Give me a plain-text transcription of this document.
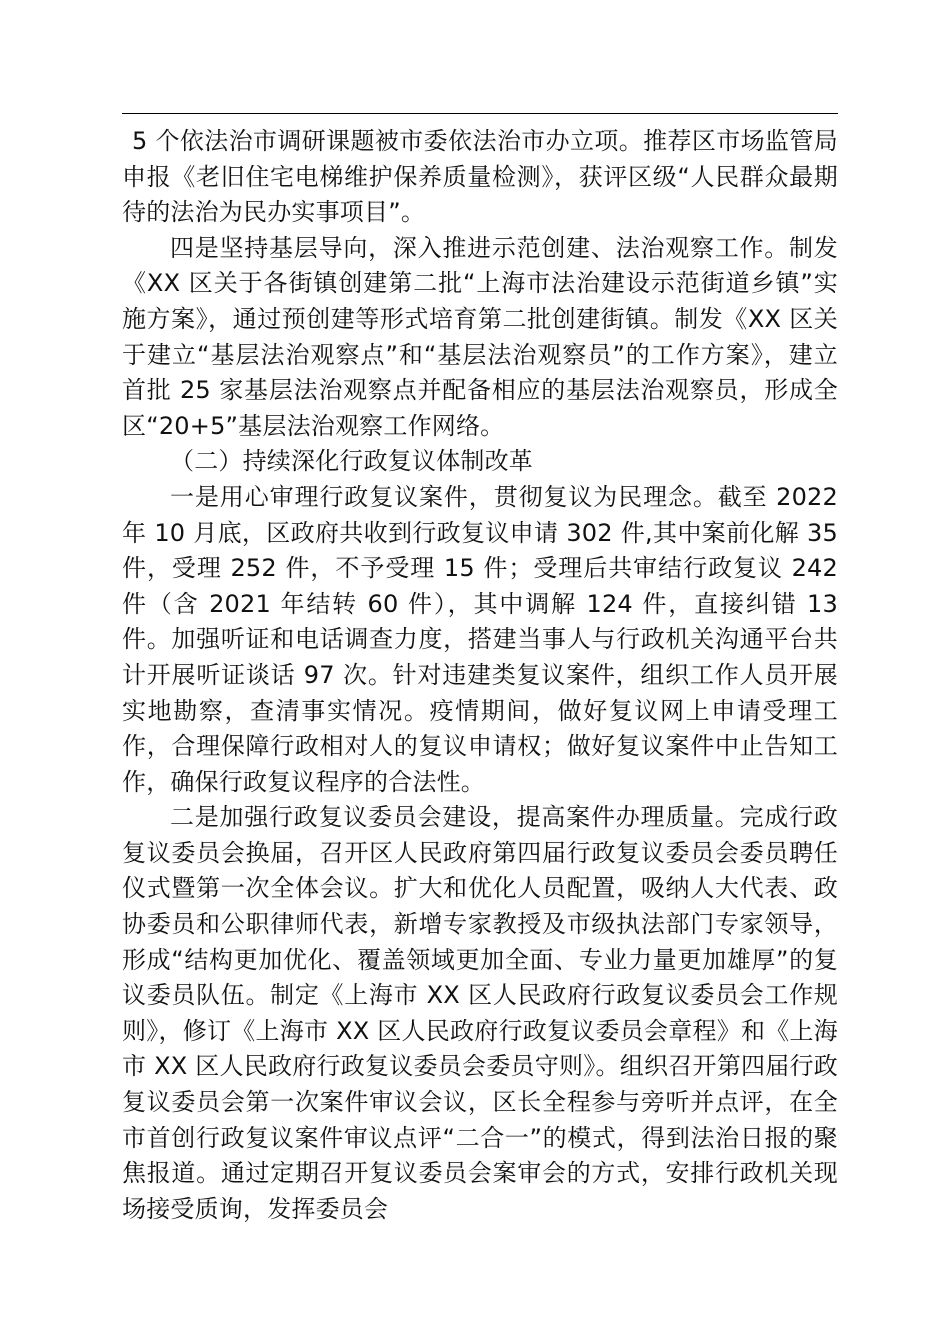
5 个依法治市调研课题被市委依法治市办立项。推荐区市场监管局申报《老旧住宅电梯维护保养质量检测》，获评区级“人民群众最期待的法治为民办实事项目”。

四是坚持基层导向，深入推进示范创建、法治观察工作。制发《XX 区关于各街镇创建第二批“上海市法治建设示范街道乡镇”实施方案》，通过预创建等形式培育第二批创建街镇。制发《XX 区关于建立“基层法治观察点”和“基层法治观察员”的工作方案》，建立首批 25 家基层法治观察点并配备相应的基层法治观察员，形成全区“20+5”基层法治观察工作网络。

（二）持续深化行政复议体制改革

一是用心审理行政复议案件，贯彻复议为民理念。截至 2022 年 10 月底，区政府共收到行政复议申请 302 件,其中案前化解 35 件，受理 252 件，不予受理 15 件；受理后共审结行政复议 242 件（含 2021 年结转 60 件），其中调解 124 件，直接纠错 13 件。加强听证和电话调查力度，搭建当事人与行政机关沟通平台共计开展听证谈话 97 次。针对违建类复议案件，组织工作人员开展实地勘察，查清事实情况。疫情期间，做好复议网上申请受理工作，合理保障行政相对人的复议申请权；做好复议案件中止告知工作，确保行政复议程序的合法性。

二是加强行政复议委员会建设，提高案件办理质量。完成行政复议委员会换届，召开区人民政府第四届行政复议委员会委员聘任仪式暨第一次全体会议。扩大和优化人员配置，吸纳人大代表、政协委员和公职律师代表，新增专家教授及市级执法部门专家领导，形成“结构更加优化、覆盖领域更加全面、专业力量更加雄厚”的复议委员队伍。制定《上海市 XX 区人民政府行政复议委员会工作规则》，修订《上海市 XX 区人民政府行政复议委员会章程》和《上海市 XX 区人民政府行政复议委员会委员守则》。组织召开第四届行政复议委员会第一次案件审议会议，区长全程参与旁听并点评，在全市首创行政复议案件审议点评“二合一”的模式，得到法治日报的聚焦报道。通过定期召开复议委员会案审会的方式，安排行政机关现场接受质询，发挥委员会
